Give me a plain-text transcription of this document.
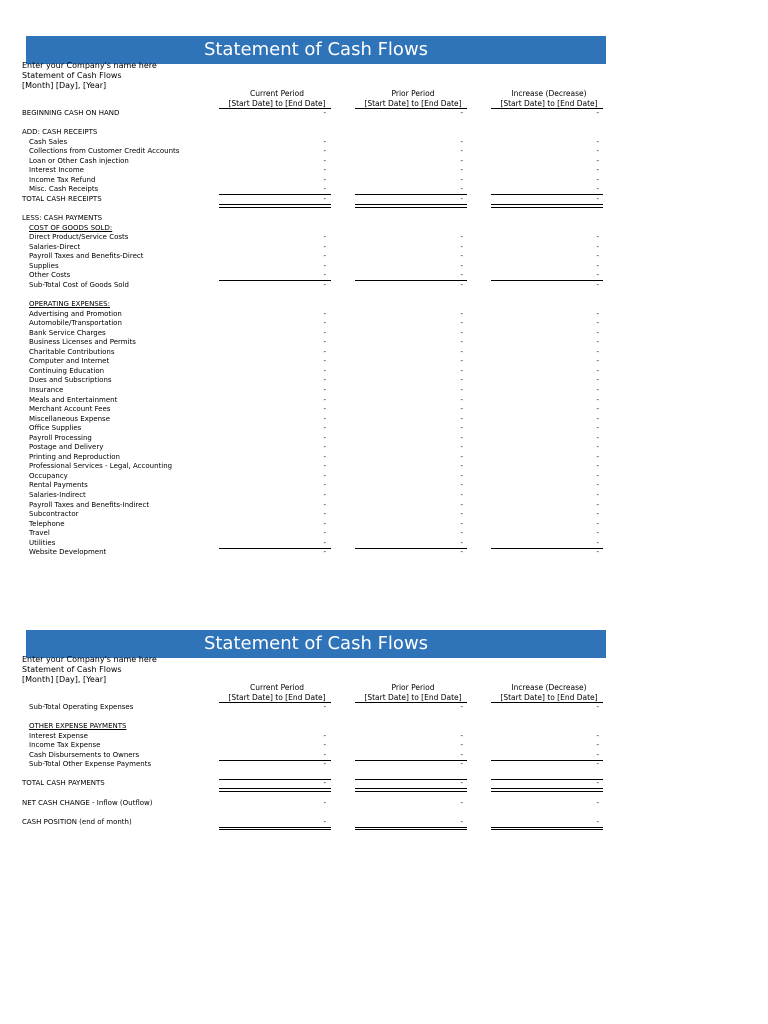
Statement of Cash Flows
Enter your Company's name here
Statement of Cash Flows
[Month] [Day], [Year]
Current Period
[Start Date] to [End Date]
Prior Period
[Start Date] to [End Date]
Increase (Decrease)
[Start Date] to [End Date]
BEGINNING CASH ON HAND	-	-	-
ADD: CASH RECEIPTS
Cash Sales	-	-	-
Collections from Customer Credit Accounts	-	-	-
Loan or Other Cash injection	-	-	-
Interest Income	-	-	-
Income Tax Refund	-	-	-
Misc. Cash Receipts	-	-	-
TOTAL CASH RECEIPTS	-	-	-
LESS: CASH PAYMENTS
COST OF GOODS SOLD:
Direct Product/Service Costs	-	-	-
Salaries-Direct	-	-	-
Payroll Taxes and Benefits-Direct	-	-	-
Supplies	-	-	-
Other Costs	-	-	-
Sub-Total Cost of Goods Sold	-	-	-
OPERATING EXPENSES:
Advertising and Promotion	-	-	-
Automobile/Transportation	-	-	-
Bank Service Charges	-	-	-
Business Licenses and Permits	-	-	-
Charitable Contributions	-	-	-
Computer and Internet	-	-	-
Continuing Education	-	-	-
Dues and Subscriptions	-	-	-
Insurance	-	-	-
Meals and Entertainment	-	-	-
Merchant Account Fees	-	-	-
Miscellaneous Expense	-	-	-
Office Supplies	-	-	-
Payroll Processing	-	-	-
Postage and Delivery	-	-	-
Printing and Reproduction	-	-	-
Professional Services - Legal, Accounting	-	-	-
Occupancy	-	-	-
Rental Payments	-	-	-
Salaries-Indirect	-	-	-
Payroll Taxes and Benefits-Indirect	-	-	-
Subcontractor	-	-	-
Telephone	-	-	-
Travel	-	-	-
Utilities	-	-	-
Website Development	-	-	-
Statement of Cash Flows
Enter your Company's name here
Statement of Cash Flows
[Month] [Day], [Year]
Current Period
[Start Date] to [End Date]
Prior Period
[Start Date] to [End Date]
Increase (Decrease)
[Start Date] to [End Date]
Sub-Total Operating Expenses	-	-	-
OTHER EXPENSE PAYMENTS
Interest Expense	-	-	-
Income Tax Expense	-	-	-
Cash Disbursements to Owners	-	-	-
Sub-Total Other Expense Payments	-	-	-
TOTAL CASH PAYMENTS	-	-	-
NET CASH CHANGE - Inflow (Outflow)	-	-	-
CASH POSITION (end of month)	-	-	-
